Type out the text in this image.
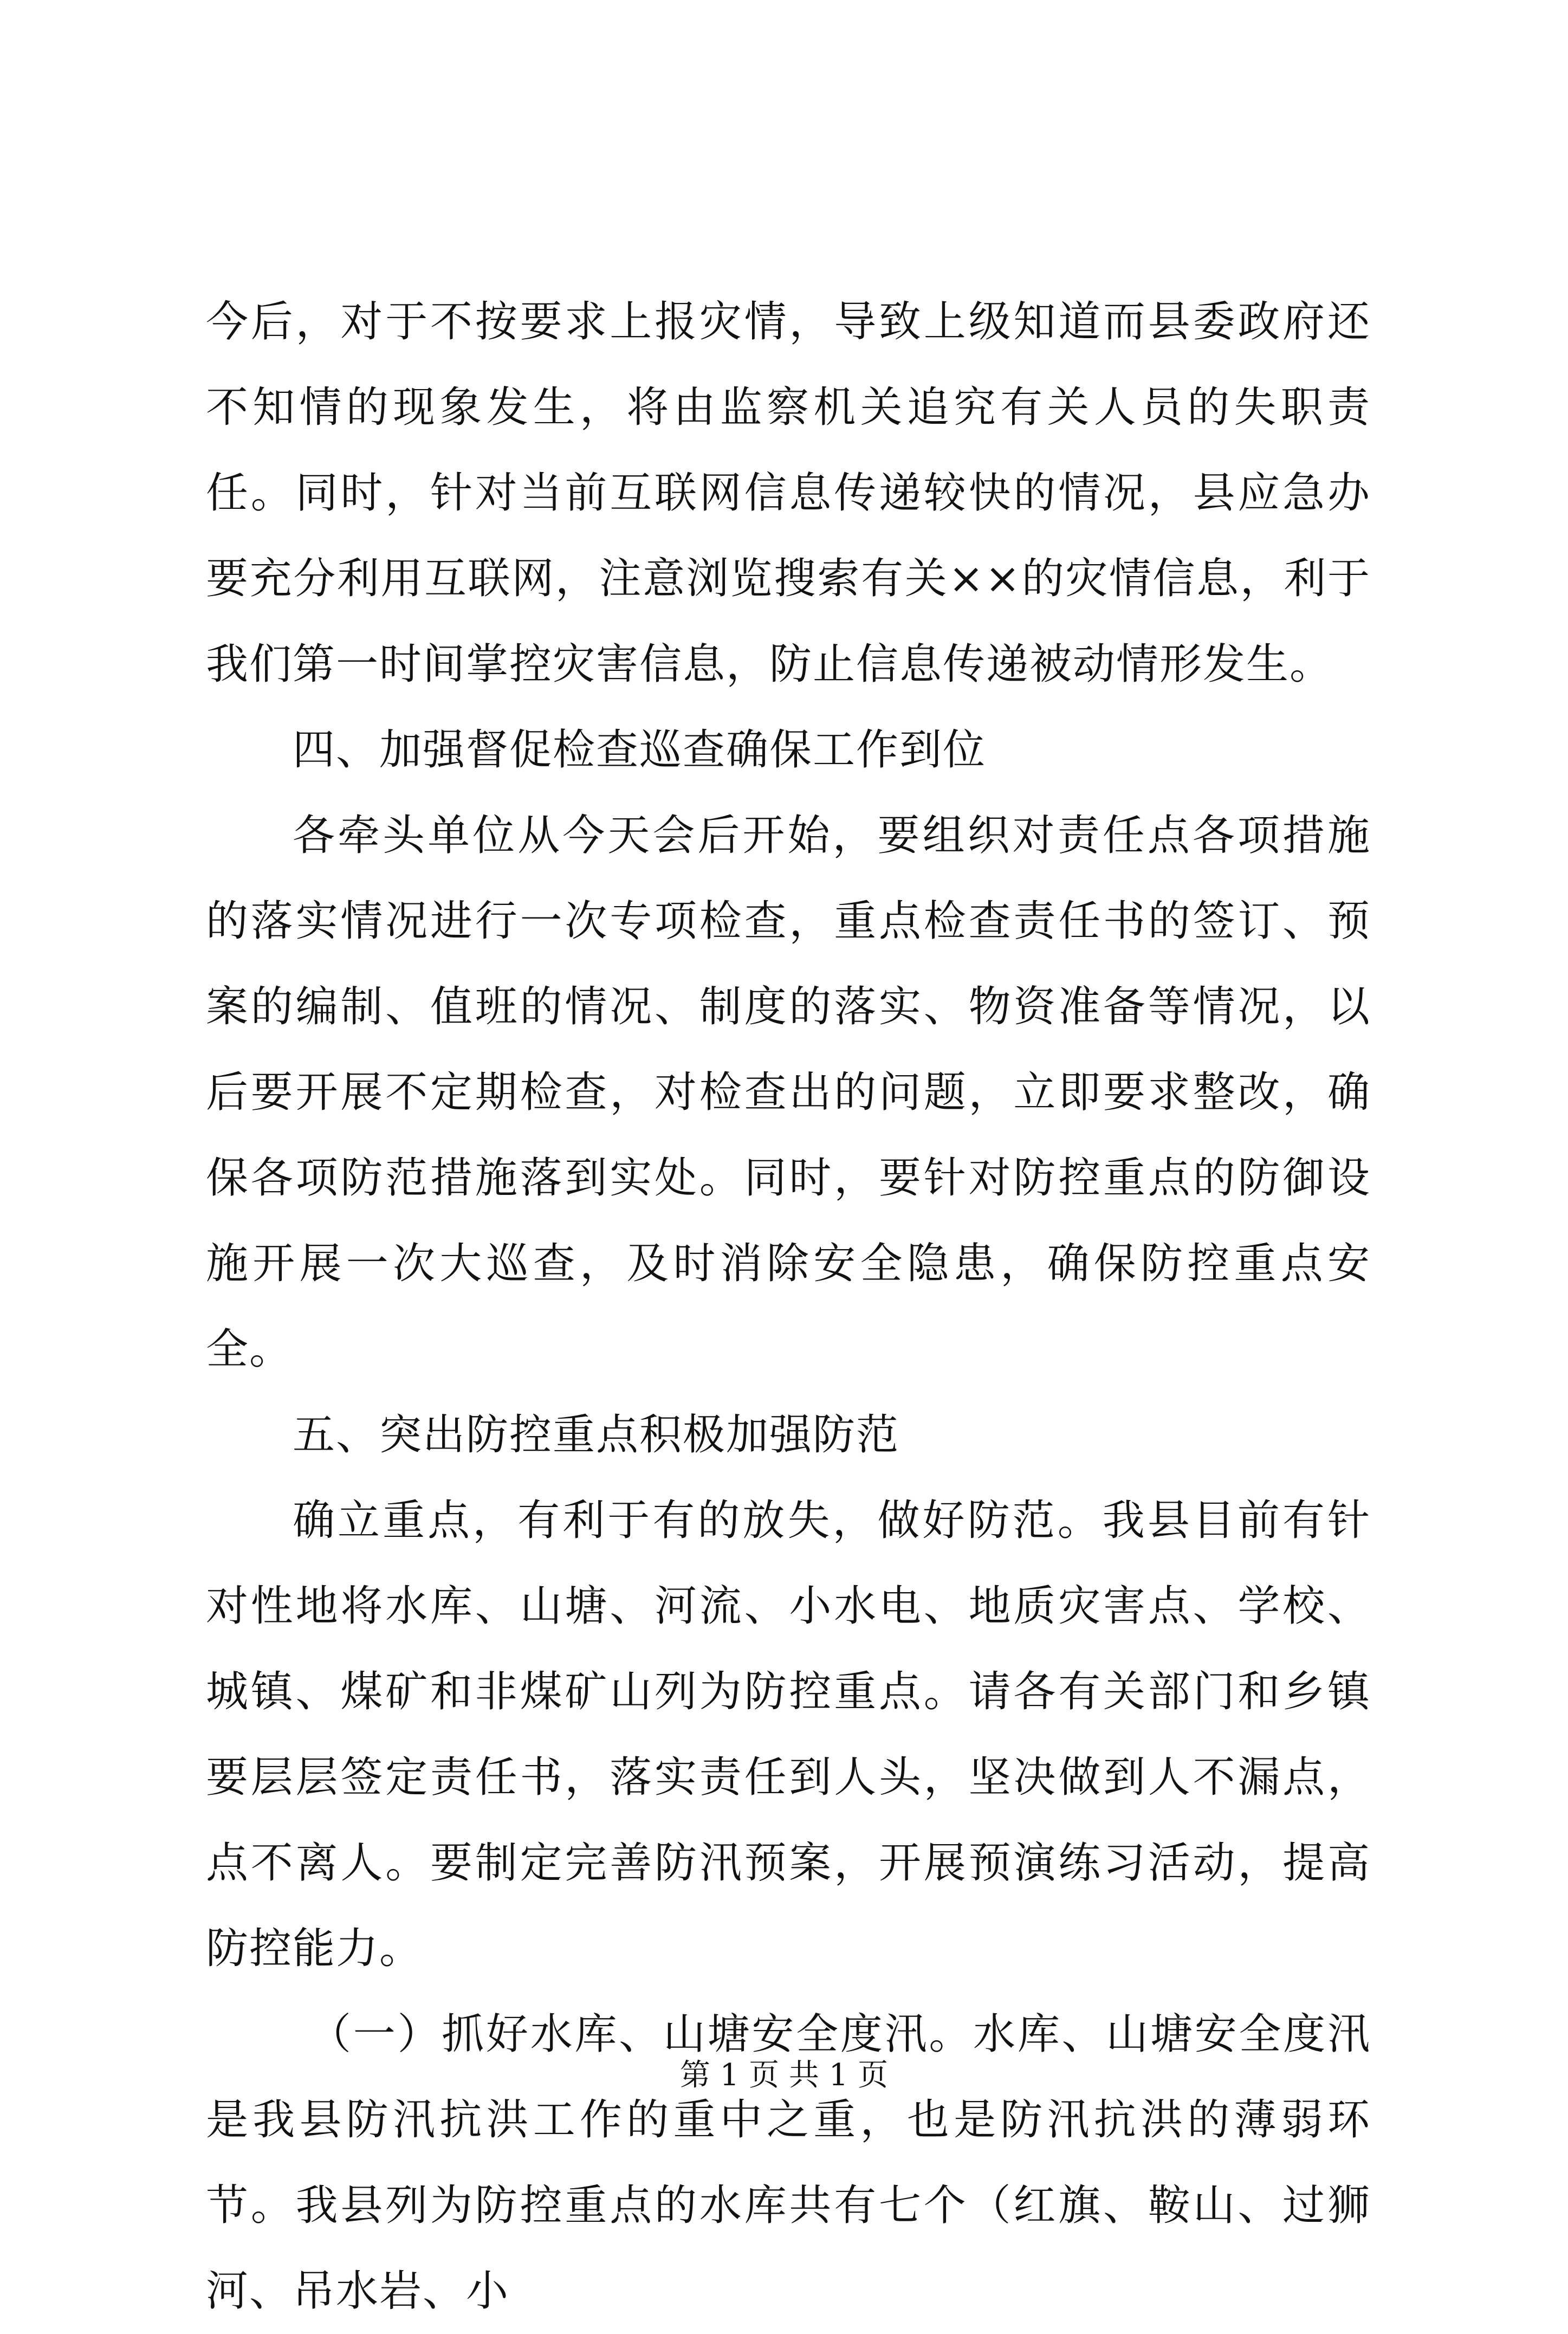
今后，对于不按要求上报灾情，导致上级知道而县委政府还不知情的现象发生，将由监察机关追究有关人员的失职责任。同时，针对当前互联网信息传递较快的情况，县应急办要充分利用互联网，注意浏览搜索有关××的灾情信息，利于我们第一时间掌控灾害信息，防止信息传递被动情形发生。

四、加强督促检查巡查确保工作到位

各牵头单位从今天会后开始，要组织对责任点各项措施的落实情况进行一次专项检查，重点检查责任书的签订、预案的编制、值班的情况、制度的落实、物资准备等情况，以后要开展不定期检查，对检查出的问题，立即要求整改，确保各项防范措施落到实处。同时，要针对防控重点的防御设施开展一次大巡查，及时消除安全隐患，确保防控重点安全。

五、突出防控重点积极加强防范

确立重点，有利于有的放失，做好防范。我县目前有针对性地将水库、山塘、河流、小水电、地质灾害点、学校、城镇、煤矿和非煤矿山列为防控重点。请各有关部门和乡镇要层层签定责任书，落实责任到人头，坚决做到人不漏点，点不离人。要制定完善防汛预案，开展预演练习活动，提高防控能力。

（一）抓好水库、山塘安全度汛。水库、山塘安全度汛是我县防汛抗洪工作的重中之重，也是防汛抗洪的薄弱环节。我县列为防控重点的水库共有七个（红旗、鞍山、过狮河、吊水岩、小

第 1 页 共 1 页
